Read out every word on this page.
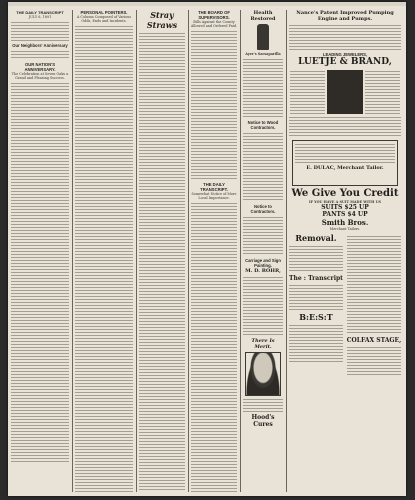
THE DAILY TRANSCRIPT
JULY 6, 1891
Our Neighbors' Anniversary
OUR NATION'S ANNIVERSARY.
The Celebration at Seven Oaks a Grand and Pleasing Success.
PERSONAL POINTERS.
A Column Composed of Various Odds, Ends and Incidents.
Stray Straws
THE BOARD OF SUPERVISORS.
Bills Against the County Allowed and Ordered Paid.
THE DAILY TRANSCRIPT.
Somewhat Notice of More Local Importance.
Health Restored
Ayer's Sarsaparilla
Notice to Wood Contractors.
Notice to Contractors.
Carriage and Sign Painting.
M. D. ROHR,
There Is Merit.
Hood's Cures
Nance's Patent Improved Pumping Engine and Pumps.
LEADING JEWELERS,
LUETJE & BRAND,
E. DULAC, Merchant Tailor.
We Give You Credit
IF YOU HAVE A SUIT MADE WITH US
SUITS $25 UP
PANTS $4 UP
Smith Bros.
Merchant Tailors.
Removal.
The : Transcript
B:E:S:T
COLFAX STAGE,
